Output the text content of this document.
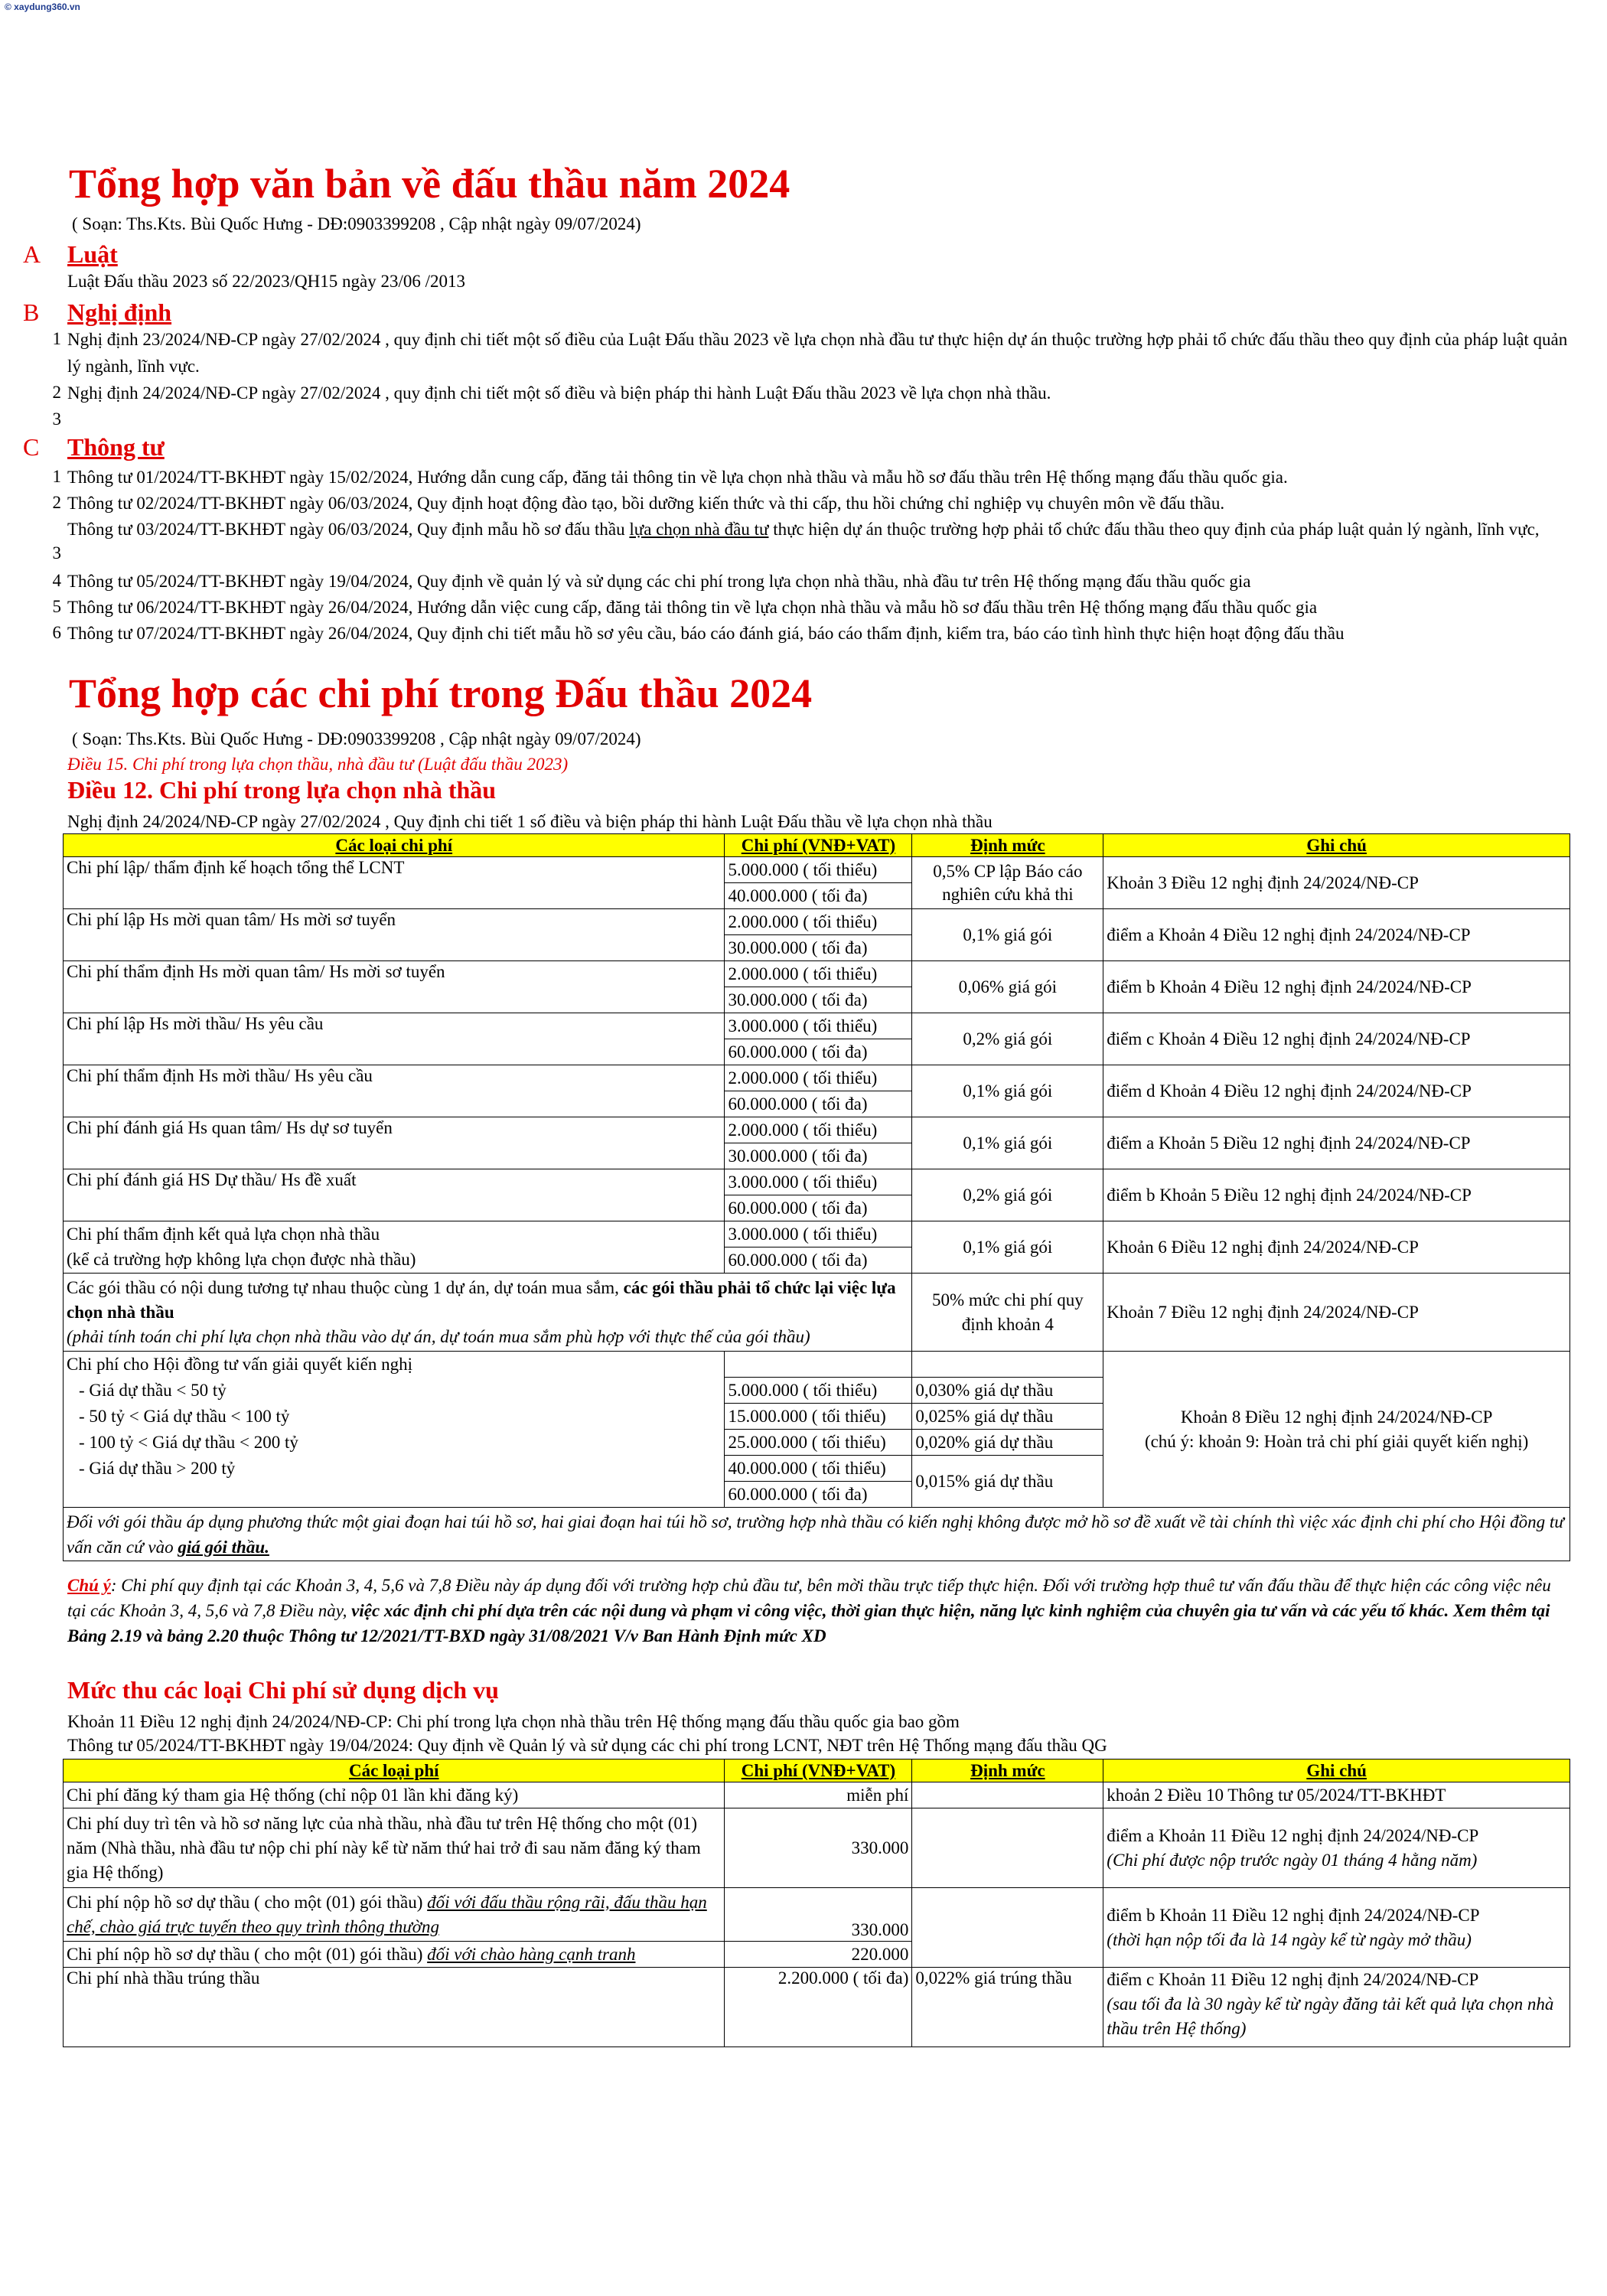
© xaydung360.vn
Tổng hợp văn bản về đấu thầu năm 2024
( Soạn: Ths.Kts. Bùi Quốc Hưng - DĐ:0903399208 , Cập nhật ngày 09/07/2024)
A Luật
Luật Đấu thầu 2023 số 22/2023/QH15 ngày 23/06 /2013
B Nghị định
1 Nghị định 23/2024/NĐ-CP ngày 27/02/2024 , quy định chi tiết một số điều của Luật Đấu thầu 2023 về lựa chọn nhà đầu tư thực hiện dự án thuộc trường hợp phải tổ chức đấu thầu theo quy định của pháp luật quản lý ngành, lĩnh vực.
2 Nghị định 24/2024/NĐ-CP ngày 27/02/2024 , quy định chi tiết một số điều và biện pháp thi hành Luật Đấu thầu 2023 về lựa chọn nhà thầu.
3
C Thông tư
1 Thông tư 01/2024/TT-BKHĐT ngày 15/02/2024, Hướng dẫn cung cấp, đăng tải thông tin về lựa chọn nhà thầu và mẫu hồ sơ đấu thầu trên Hệ thống mạng đấu thầu quốc gia.
2 Thông tư 02/2024/TT-BKHĐT ngày 06/03/2024, Quy định hoạt động đào tạo, bồi dưỡng kiến thức và thi cấp, thu hồi chứng chỉ nghiệp vụ chuyên môn về đấu thầu.
3
Thông tư 03/2024/TT-BKHĐT ngày 06/03/2024, Quy định mẫu hồ sơ đấu thầu lựa chọn nhà đầu tư thực hiện dự án thuộc trường hợp phải tổ chức đấu thầu theo quy định của pháp luật quản lý ngành, lĩnh vực,
4 Thông tư 05/2024/TT-BKHĐT ngày 19/04/2024, Quy định về quản lý và sử dụng các chi phí trong lựa chọn nhà thầu, nhà đầu tư trên Hệ thống mạng đấu thầu quốc gia
5 Thông tư 06/2024/TT-BKHĐT ngày 26/04/2024, Hướng dẫn việc cung cấp, đăng tải thông tin về lựa chọn nhà thầu và mẫu hồ sơ đấu thầu trên Hệ thống mạng đấu thầu quốc gia
6 Thông tư 07/2024/TT-BKHĐT ngày 26/04/2024, Quy định chi tiết mẫu hồ sơ yêu cầu, báo cáo đánh giá, báo cáo thẩm định, kiểm tra, báo cáo tình hình thực hiện hoạt động đấu thầu
Tổng hợp các chi phí trong Đấu thầu 2024
( Soạn: Ths.Kts. Bùi Quốc Hưng - DĐ:0903399208 , Cập nhật ngày 09/07/2024)
Điều 15. Chi phí trong lựa chọn thầu, nhà đầu tư (Luật đấu thầu 2023)
Điều 12. Chi phí trong lựa chọn nhà thầu
Nghị định 24/2024/NĐ-CP ngày 27/02/2024 , Quy định chi tiết 1 số điều và biện pháp thi hành Luật Đấu thầu về lựa chọn nhà thầu
Các loại chi phí	Chi phí (VNĐ+VAT)	Định mức	Ghi chú
Chi phí lập/ thẩm định kế hoạch tổng thể LCNT	5.000.000 ( tối thiểu)	0,5% CP lập Báo cáo nghiên cứu khả thi	Khoản 3 Điều 12 nghị định 24/2024/NĐ-CP
	40.000.000 ( tối đa)		
Chi phí lập Hs mời quan tâm/ Hs mời sơ tuyển	2.000.000 ( tối thiểu)	0,1% giá gói	điểm a Khoản 4 Điều 12 nghị định 24/2024/NĐ-CP
	30.000.000 ( tối đa)		
Chi phí thẩm định Hs mời quan tâm/ Hs mời sơ tuyển	2.000.000 ( tối thiểu)	0,06% giá gói	điểm b Khoản 4 Điều 12 nghị định 24/2024/NĐ-CP
	30.000.000 ( tối đa)		
Chi phí lập Hs mời thầu/ Hs yêu cầu	3.000.000 ( tối thiểu)	0,2% giá gói	điểm c Khoản 4 Điều 12 nghị định 24/2024/NĐ-CP
	60.000.000 ( tối đa)		
Chi phí thẩm định Hs mời thầu/ Hs yêu cầu	2.000.000 ( tối thiểu)	0,1% giá gói	điểm d Khoản 4 Điều 12 nghị định 24/2024/NĐ-CP
	60.000.000 ( tối đa)		
Chi phí đánh giá Hs quan tâm/ Hs dự sơ tuyển	2.000.000 ( tối thiểu)	0,1% giá gói	điểm a Khoản 5 Điều 12 nghị định 24/2024/NĐ-CP
	30.000.000 ( tối đa)		
Chi phí đánh giá HS Dự thầu/ Hs đề xuất	3.000.000 ( tối thiểu)	0,2% giá gói	điểm b Khoản 5 Điều 12 nghị định 24/2024/NĐ-CP
	60.000.000 ( tối đa)		
Chi phí thẩm định kết quả lựa chọn nhà thầu	3.000.000 ( tối thiểu)	0,1% giá gói	Khoản 6 Điều 12 nghị định 24/2024/NĐ-CP
(kể cả trường hợp không lựa chọn được nhà thầu)	60.000.000 ( tối đa)		
Các gói thầu có nội dung tương tự nhau thuộc cùng 1 dự án, dự toán mua sắm, các gói thầu phải tổ chức lại việc lựa chọn nhà thầu
(phải tính toán chi phí lựa chọn nhà thầu vào dự án, dự toán mua sắm phù hợp với thực thế của gói thầu)		50% mức chi phí quy định khoản 4	Khoản 7 Điều 12 nghị định 24/2024/NĐ-CP
Chi phí cho Hội đồng tư vấn giải quyết kiến nghị			Khoản 8 Điều 12 nghị định 24/2024/NĐ-CP
(chú ý: khoản 9: Hoàn trả chi phí giải quyết kiến nghị)
- Giá dự thầu < 50 tỷ	5.000.000 ( tối thiểu)	0,030% giá dự thầu	
- 50 tỷ < Giá dự thầu < 100 tỷ	15.000.000 ( tối thiểu)	0,025% giá dự thầu	
- 100 tỷ < Giá dự thầu < 200 tỷ	25.000.000 ( tối thiểu)	0,020% giá dự thầu	
- Giá dự thầu > 200 tỷ	40.000.000 ( tối thiểu)	0,015% giá dự thầu	
	60.000.000 ( tối đa)		
Đối với gói thầu áp dụng phương thức một giai đoạn hai túi hồ sơ, hai giai đoạn hai túi hồ sơ, trường hợp nhà thầu có kiến nghị không được mở hồ sơ đề xuất về tài chính thì việc xác định chi phí cho Hội đồng tư vấn căn cứ vào giá gói thầu.			
Chú ý: Chi phí quy định tại các Khoản 3, 4, 5,6 và 7,8 Điều này áp dụng đối với trường hợp chủ đầu tư, bên mời thầu trực tiếp thực hiện. Đối với trường hợp thuê tư vấn đấu thầu để thực hiện các công việc nêu tại các Khoản 3, 4, 5,6 và 7,8 Điều này, việc xác định chi phí dựa trên các nội dung và phạm vi công việc, thời gian thực hiện, năng lực kinh nghiệm của chuyên gia tư vấn và các yếu tố khác. Xem thêm tại Bảng 2.19 và bảng 2.20 thuộc Thông tư 12/2021/TT-BXD ngày 31/08/2021 V/v Ban Hành Định mức XD
Mức thu các loại Chi phí sử dụng dịch vụ
Khoản 11 Điều 12 nghị định 24/2024/NĐ-CP: Chi phí trong lựa chọn nhà thầu trên Hệ thống mạng đấu thầu quốc gia bao gồm
Thông tư 05/2024/TT-BKHĐT ngày 19/04/2024: Quy định về Quản lý và sử dụng các chi phí trong LCNT, NĐT trên Hệ Thống mạng đấu thầu QG
Các loại phí	Chi phí (VNĐ+VAT)	Định mức	Ghi chú
Chi phí đăng ký tham gia Hệ thống (chỉ nộp 01 lần khi đăng ký)	miễn phí		khoản 2 Điều 10 Thông tư 05/2024/TT-BKHĐT
Chi phí duy trì tên và hồ sơ năng lực của nhà thầu, nhà đầu tư trên Hệ thống cho một (01) năm (Nhà thầu, nhà đầu tư nộp chi phí này kể từ năm thứ hai trở đi sau năm đăng ký tham gia Hệ thống)	330.000		điểm a Khoản 11 Điều 12 nghị định 24/2024/NĐ-CP
(Chi phí được nộp trước ngày 01 tháng 4 hằng năm)
Chi phí nộp hồ sơ dự thầu ( cho một (01) gói thầu) đối với đấu thầu rộng rãi, đấu thầu hạn chế, chào giá trực tuyến theo quy trình thông thường	330.000		điểm b Khoản 11 Điều 12 nghị định 24/2024/NĐ-CP
(thời hạn nộp tối đa là 14 ngày kể từ ngày mở thầu)
Chi phí nộp hồ sơ dự thầu ( cho một (01) gói thầu) đối với chào hàng cạnh tranh	220.000		
Chi phí nhà thầu trúng thầu	2.200.000 ( tối đa)	0,022% giá trúng thầu	điểm c Khoản 11 Điều 12 nghị định 24/2024/NĐ-CP
(sau tối đa là 30 ngày kể từ ngày đăng tải kết quả lựa chọn nhà thầu trên Hệ thống)
